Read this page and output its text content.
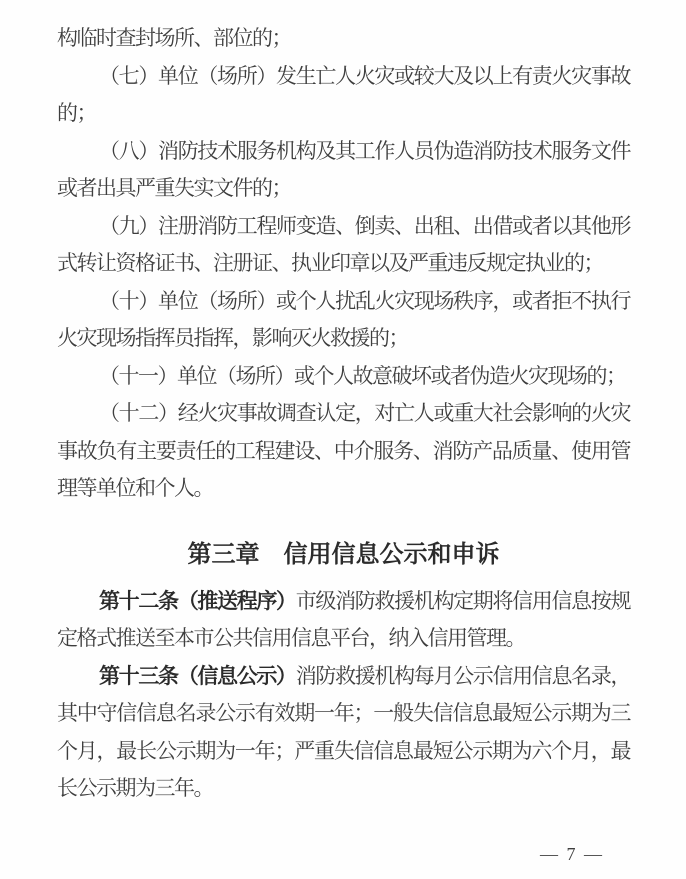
构临时查封场所、部位的；

（七）单位（场所）发生亡人火灾或较大及以上有责火灾事故的；

（八）消防技术服务机构及其工作人员伪造消防技术服务文件或者出具严重失实文件的；

（九）注册消防工程师变造、倒卖、出租、出借或者以其他形式转让资格证书、注册证、执业印章以及严重违反规定执业的；

（十）单位（场所）或个人扰乱火灾现场秩序，或者拒不执行火灾现场指挥员指挥，影响灭火救援的；

（十一）单位（场所）或个人故意破坏或者伪造火灾现场的；

（十二）经火灾事故调查认定，对亡人或重大社会影响的火灾事故负有主要责任的工程建设、中介服务、消防产品质量、使用管理等单位和个人。

第三章　信用信息公示和申诉

第十二条（推送程序）市级消防救援机构定期将信用信息按规定格式推送至本市公共信用信息平台，纳入信用管理。

第十三条（信息公示）消防救援机构每月公示信用信息名录，其中守信信息名录公示有效期一年；一般失信信息最短公示期为三个月，最长公示期为一年；严重失信信息最短公示期为六个月，最长公示期为三年。

— 7 —
